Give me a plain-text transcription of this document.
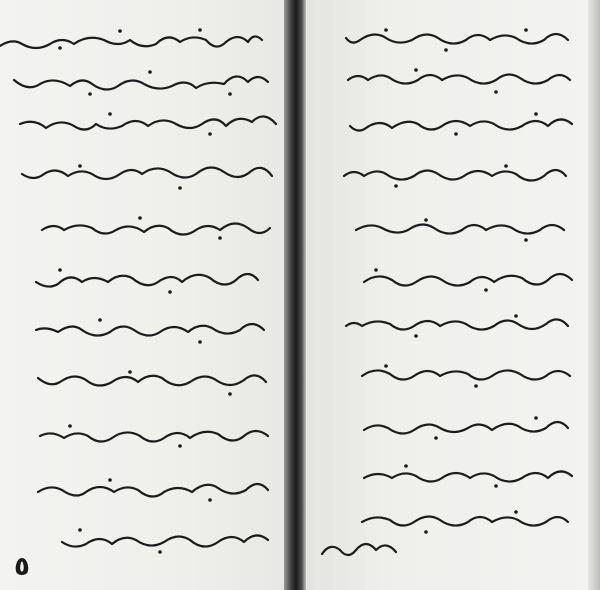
٥
